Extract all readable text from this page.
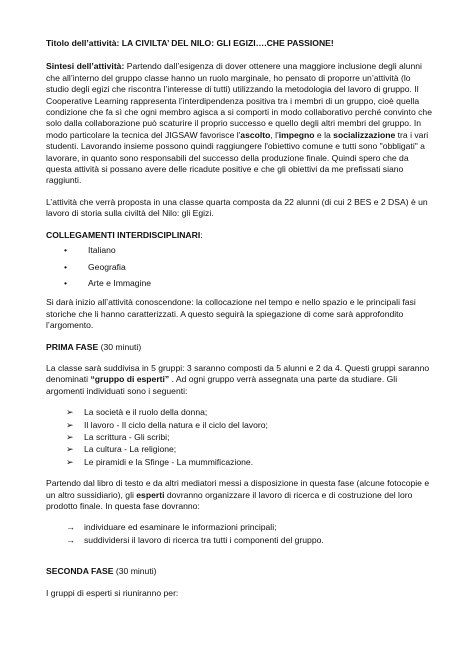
Titolo dell’attività: LA CIVILTA’ DEL NILO: GLI EGIZI….CHE PASSIONE!

Sintesi dell’attività: Partendo dall’esigenza di dover ottenere una maggiore inclusione degli alunni che all’interno del gruppo classe hanno un ruolo marginale, ho pensato di proporre un’attività (lo studio degli egizi che riscontra l’interesse di tutti) utilizzando la metodologia del lavoro di gruppo. Il Cooperative Learning rappresenta l’interdipendenza positiva tra i membri di un gruppo, cioè quella condizione che fa sì che ogni membro agisca a si comporti in modo collaborativo perché convinto che solo dalla collaborazione può scaturire il proprio successo e quello degli altri membri del gruppo. In modo particolare la tecnica del JIGSAW favorisce l'ascolto, l'impegno e la socializzazione tra i vari studenti. Lavorando insieme possono quindi raggiungere l'obiettivo comune e tutti sono "obbligati" a lavorare, in quanto sono responsabili del successo della produzione finale. Quindi spero che da questa attività si possano avere delle ricadute positive e che gli obiettivi da me prefissati siano raggiunti.

L’attività che verrà proposta in una classe quarta composta da 22 alunni (di cui 2 BES e 2 DSA) è un lavoro di storia sulla civiltà del Nilo: gli Egizi.

COLLEGAMENTI INTERDISCIPLINARI:

• Italiano
• Geografia
• Arte e Immagine

Si darà inizio all’attività conoscendone: la collocazione nel tempo e nello spazio e le principali fasi storiche che li hanno caratterizzati. A questo seguirà la spiegazione di come sarà approfondito l’argomento.

PRIMA FASE (30 minuti)

La classe sarà suddivisa in 5 gruppi: 3 saranno composti da 5 alunni e 2 da 4. Questi gruppi saranno denominati “gruppo di esperti” . Ad ogni gruppo verrà assegnata una parte da studiare. Gli argomenti individuati sono i seguenti:

➢ La società e il ruolo della donna;
➢ Il lavoro - Il ciclo della natura e il ciclo del lavoro;
➢ La scrittura - Gli scribi;
➢ La cultura - La religione;
➢ Le piramidi e la Sfinge - La mummificazione.

Partendo dal libro di testo e da altri mediatori messi a disposizione in questa fase (alcune fotocopie e un altro sussidiario), gli esperti dovranno organizzare il lavoro di ricerca e di costruzione del loro prodotto finale. In questa fase dovranno:

→ individuare ed esaminare le informazioni principali;
→ suddividersi il lavoro di ricerca tra tutti i componenti del gruppo.

SECONDA FASE (30 minuti)

I gruppi di esperti si riuniranno per:
